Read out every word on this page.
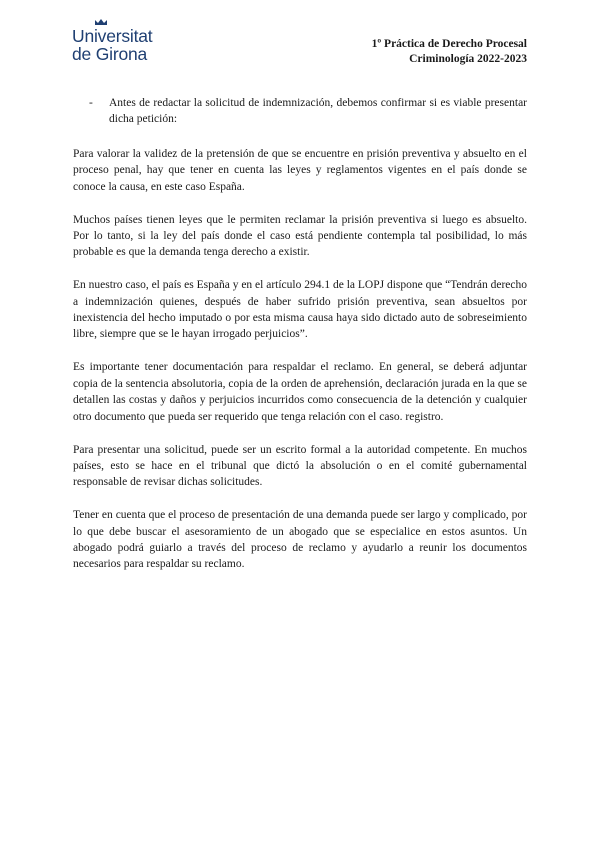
Universitat
de Girona	1º Práctica de Derecho Procesal
Criminología 2022-2023
- Antes de redactar la solicitud de indemnización, debemos confirmar si es viable presentar dicha petición:

Para valorar la validez de la pretensión de que se encuentre en prisión preventiva y absuelto en el proceso penal, hay que tener en cuenta las leyes y reglamentos vigentes en el país donde se conoce la causa, en este caso España.

Muchos países tienen leyes que le permiten reclamar la prisión preventiva si luego es absuelto. Por lo tanto, si la ley del país donde el caso está pendiente contempla tal posibilidad, lo más probable es que la demanda tenga derecho a existir.

En nuestro caso, el país es España y en el artículo 294.1 de la LOPJ dispone que “Tendrán derecho a indemnización quienes, después de haber sufrido prisión preventiva, sean absueltos por inexistencia del hecho imputado o por esta misma causa haya sido dictado auto de sobreseimiento libre, siempre que se le hayan irrogado perjuicios”.

Es importante tener documentación para respaldar el reclamo. En general, se deberá adjuntar copia de la sentencia absolutoria, copia de la orden de aprehensión, declaración jurada en la que se detallen las costas y daños y perjuicios incurridos como consecuencia de la detención y cualquier otro documento que pueda ser requerido que tenga relación con el caso. registro.

Para presentar una solicitud, puede ser un escrito formal a la autoridad competente. En muchos países, esto se hace en el tribunal que dictó la absolución o en el comité gubernamental responsable de revisar dichas solicitudes.

Tener en cuenta que el proceso de presentación de una demanda puede ser largo y complicado, por lo que debe buscar el asesoramiento de un abogado que se especialice en estos asuntos. Un abogado podrá guiarlo a través del proceso de reclamo y ayudarlo a reunir los documentos necesarios para respaldar su reclamo.
